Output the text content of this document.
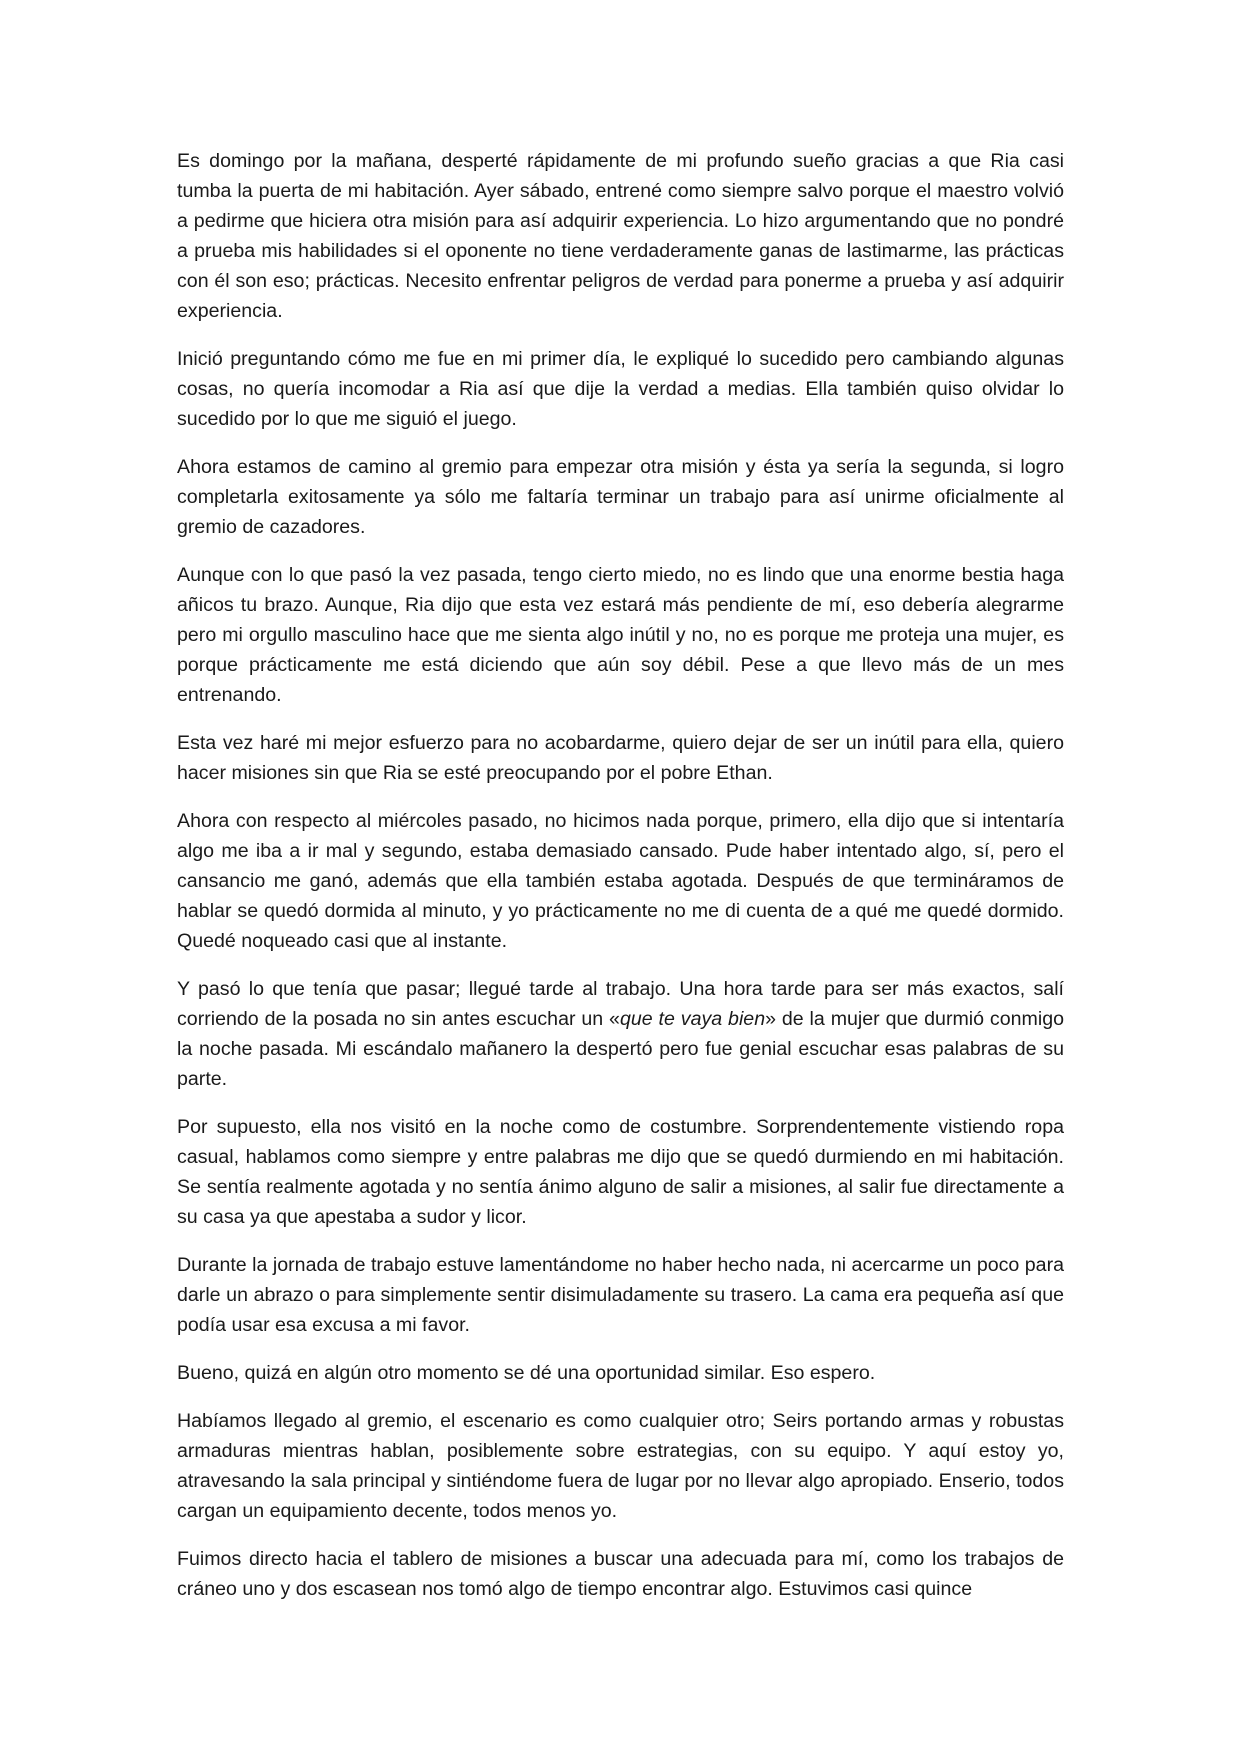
Es domingo por la mañana, desperté rápidamente de mi profundo sueño gracias a que Ria casi tumba la puerta de mi habitación. Ayer sábado, entrené como siempre salvo porque el maestro volvió a pedirme que hiciera otra misión para así adquirir experiencia. Lo hizo argumentando que no pondré a prueba mis habilidades si el oponente no tiene verdaderamente ganas de lastimarme, las prácticas con él son eso; prácticas. Necesito enfrentar peligros de verdad para ponerme a prueba y así adquirir experiencia.

Inició preguntando cómo me fue en mi primer día, le expliqué lo sucedido pero cambiando algunas cosas, no quería incomodar a Ria así que dije la verdad a medias. Ella también quiso olvidar lo sucedido por lo que me siguió el juego.

Ahora estamos de camino al gremio para empezar otra misión y ésta ya sería la segunda, si logro completarla exitosamente ya sólo me faltaría terminar un trabajo para así unirme oficialmente al gremio de cazadores.

Aunque con lo que pasó la vez pasada, tengo cierto miedo, no es lindo que una enorme bestia haga añicos tu brazo. Aunque, Ria dijo que esta vez estará más pendiente de mí, eso debería alegrarme pero mi orgullo masculino hace que me sienta algo inútil y no, no es porque me proteja una mujer, es porque prácticamente me está diciendo que aún soy débil. Pese a que llevo más de un mes entrenando.

Esta vez haré mi mejor esfuerzo para no acobardarme, quiero dejar de ser un inútil para ella, quiero hacer misiones sin que Ria se esté preocupando por el pobre Ethan.

Ahora con respecto al miércoles pasado, no hicimos nada porque, primero, ella dijo que si intentaría algo me iba a ir mal y segundo, estaba demasiado cansado. Pude haber intentado algo, sí, pero el cansancio me ganó, además que ella también estaba agotada. Después de que termináramos de hablar se quedó dormida al minuto, y yo prácticamente no me di cuenta de a qué me quedé dormido. Quedé noqueado casi que al instante.

Y pasó lo que tenía que pasar; llegué tarde al trabajo. Una hora tarde para ser más exactos, salí corriendo de la posada no sin antes escuchar un «que te vaya bien» de la mujer que durmió conmigo la noche pasada. Mi escándalo mañanero la despertó pero fue genial escuchar esas palabras de su parte.

Por supuesto, ella nos visitó en la noche como de costumbre. Sorprendentemente vistiendo ropa casual, hablamos como siempre y entre palabras me dijo que se quedó durmiendo en mi habitación. Se sentía realmente agotada y no sentía ánimo alguno de salir a misiones, al salir fue directamente a su casa ya que apestaba a sudor y licor.

Durante la jornada de trabajo estuve lamentándome no haber hecho nada, ni acercarme un poco para darle un abrazo o para simplemente sentir disimuladamente su trasero. La cama era pequeña así que podía usar esa excusa a mi favor.

Bueno, quizá en algún otro momento se dé una oportunidad similar. Eso espero.

Habíamos llegado al gremio, el escenario es como cualquier otro; Seirs portando armas y robustas armaduras mientras hablan, posiblemente sobre estrategias, con su equipo. Y aquí estoy yo, atravesando la sala principal y sintiéndome fuera de lugar por no llevar algo apropiado. Enserio, todos cargan un equipamiento decente, todos menos yo.

Fuimos directo hacia el tablero de misiones a buscar una adecuada para mí, como los trabajos de cráneo uno y dos escasean nos tomó algo de tiempo encontrar algo. Estuvimos casi quince
